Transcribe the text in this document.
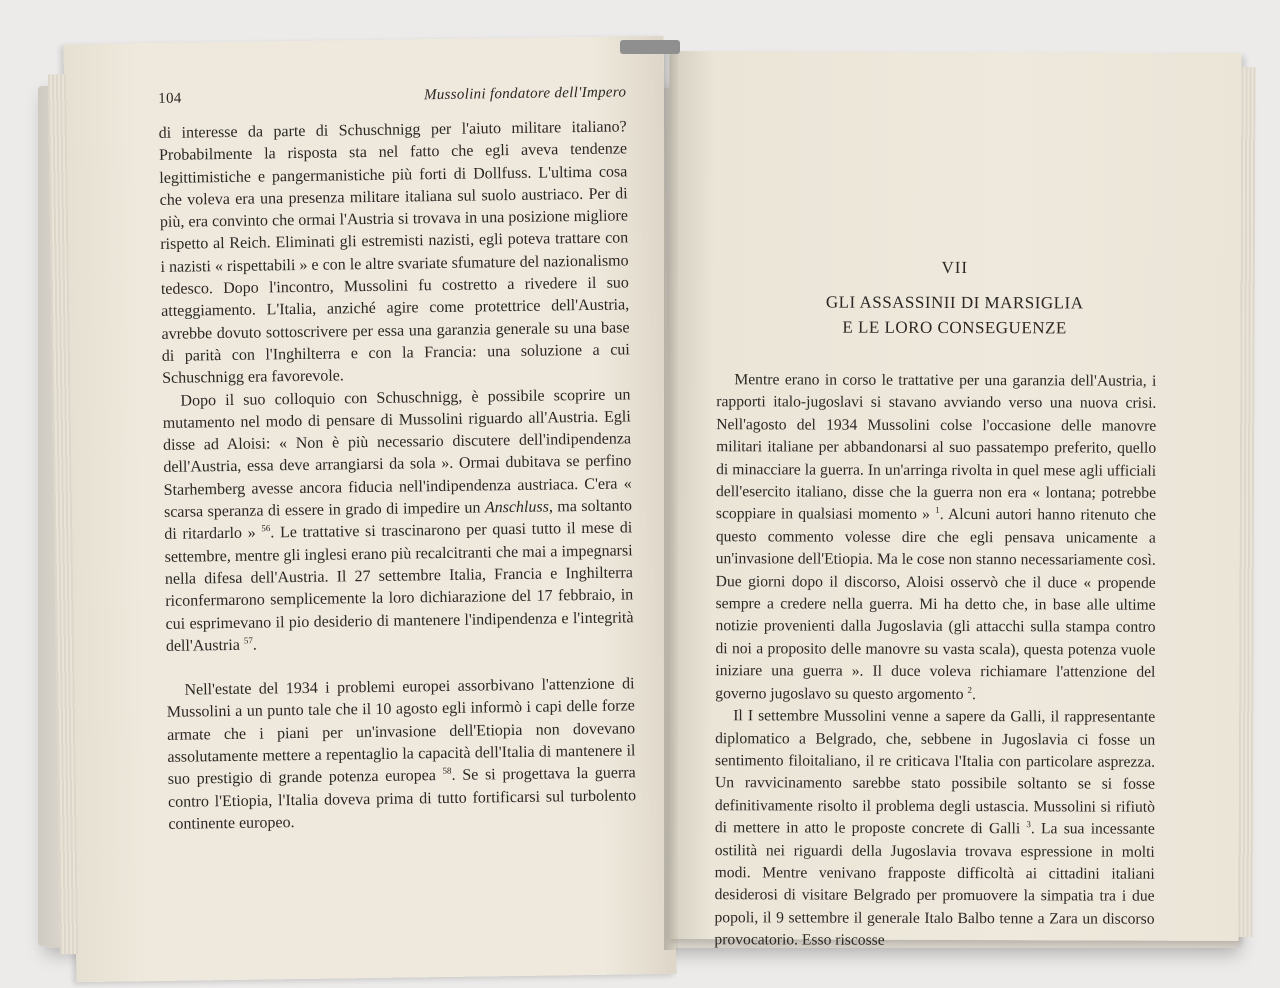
104	Mussolini fondatore dell'Impero

di interesse da parte di Schuschnigg per l'aiuto militare italiano? Probabilmente la risposta sta nel fatto che egli aveva tendenze legittimistiche e pangermanistiche più forti di Dollfuss. L'ultima cosa che voleva era una presenza militare italiana sul suolo austriaco. Per di più, era convinto che ormai l'Austria si trovava in una posizione migliore rispetto al Reich. Eliminati gli estremisti nazisti, egli poteva trattare con i nazisti « rispettabili » e con le altre svariate sfumature del nazionalismo tedesco. Dopo l'incontro, Mussolini fu costretto a rivedere il suo atteggiamento. L'Italia, anziché agire come protettrice dell'Austria, avrebbe dovuto sottoscrivere per essa una garanzia generale su una base di parità con l'Inghilterra e con la Francia: una soluzione a cui Schuschnigg era favorevole.

Dopo il suo colloquio con Schuschnigg, è possibile scoprire un mutamento nel modo di pensare di Mussolini riguardo all'Austria. Egli disse ad Aloisi: « Non è più necessario discutere dell'indipendenza dell'Austria, essa deve arrangiarsi da sola ». Ormai dubitava se perfino Starhemberg avesse ancora fiducia nell'indipendenza austriaca. C'era « scarsa speranza di essere in grado di impedire un Anschluss, ma soltanto di ritardarlo » $^{56}$. Le trattative si trascinarono per quasi tutto il mese di settembre, mentre gli inglesi erano più recalcitranti che mai a impegnarsi nella difesa dell'Austria. Il 27 settembre Italia, Francia e Inghilterra riconfermarono semplicemente la loro dichiarazione del 17 febbraio, in cui esprimevano il pio desiderio di mantenere l'indipendenza e l'integrità dell'Austria $^{57}$.

Nell'estate del 1934 i problemi europei assorbivano l'attenzione di Mussolini a un punto tale che il 10 agosto egli informò i capi delle forze armate che i piani per un'invasione dell'Etiopia non dovevano assolutamente mettere a repentaglio la capacità dell'Italia di mantenere il suo prestigio di grande potenza europea $^{58}$. Se si progettava la guerra contro l'Etiopia, l'Italia doveva prima di tutto fortificarsi sul turbolento continente europeo.

VII
GLI ASSASSINII DI MARSIGLIA
E LE LORO CONSEGUENZE

Mentre erano in corso le trattative per una garanzia dell'Austria, i rapporti italo-jugoslavi si stavano avviando verso una nuova crisi. Nell'agosto del 1934 Mussolini colse l'occasione delle manovre militari italiane per abbandonarsi al suo passatempo preferito, quello di minacciare la guerra. In un'arringa rivolta in quel mese agli ufficiali dell'esercito italiano, disse che la guerra non era « lontana; potrebbe scoppiare in qualsiasi momento » $^1$. Alcuni autori hanno ritenuto che questo commento volesse dire che egli pensava unicamente a un'invasione dell'Etiopia. Ma le cose non stanno necessariamente così. Due giorni dopo il discorso, Aloisi osservò che il duce « propende sempre a credere nella guerra. Mi ha detto che, in base alle ultime notizie provenienti dalla Jugoslavia (gli attacchi sulla stampa contro di noi a proposito delle manovre su vasta scala), questa potenza vuole iniziare una guerra ». Il duce voleva richiamare l'attenzione del governo jugoslavo su questo argomento $^2$.

Il I settembre Mussolini venne a sapere da Galli, il rappresentante diplomatico a Belgrado, che, sebbene in Jugoslavia ci fosse un sentimento filoitaliano, il re criticava l'Italia con particolare asprezza. Un ravvicinamento sarebbe stato possibile soltanto se si fosse definitivamente risolto il problema degli ustascia. Mussolini si rifiutò di mettere in atto le proposte concrete di Galli $^3$. La sua incessante ostilità nei riguardi della Jugoslavia trovava espressione in molti modi. Mentre venivano frapposte difficoltà ai cittadini italiani desiderosi di visitare Belgrado per promuovere la simpatia tra i due popoli, il 9 settembre il generale Italo Balbo tenne a Zara un discorso provocatorio. Esso riscosse
